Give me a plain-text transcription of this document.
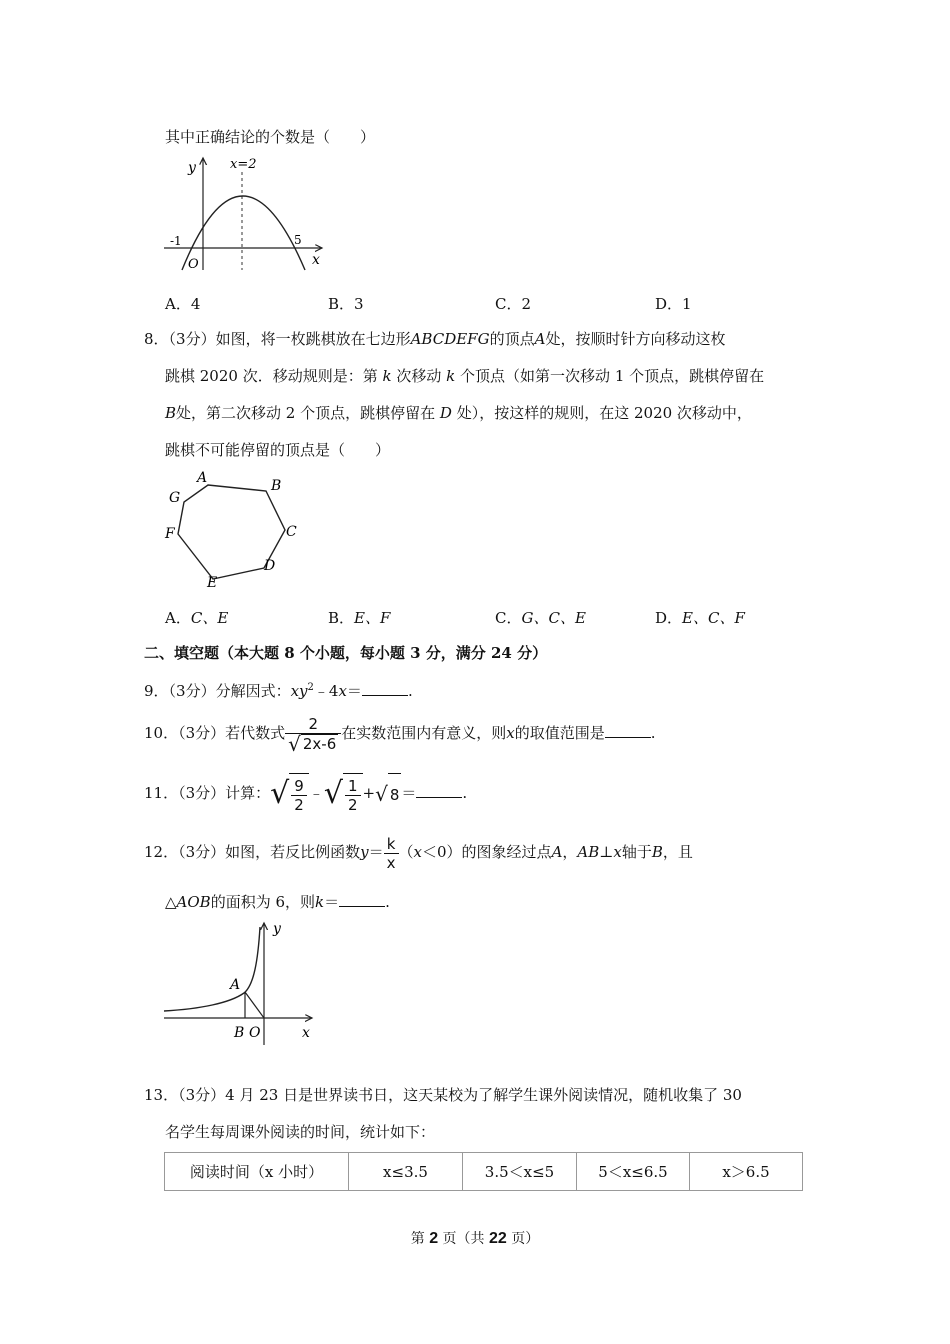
其中正确结论的个数是（　　）
y	x=2
-1	5
O	x
A．4	B．3	C．2	D．1
8．（3分）如图，将一枚跳棋放在七边形ABCDEFG的顶点A处，按顺时针方向移动这枚
跳棋 2020 次．移动规则是：第 k 次移动 k 个顶点（如第一次移动 1 个顶点，跳棋停留在
B处，第二次移动 2 个顶点，跳棋停留在 D 处），按这样的规则，在这 2020 次移动中，
跳棋不可能停留的顶点是（　　）
A	B
C
D
E
F
G
A．C、E	B．E、F	C．G、C、E	D．E、C、F
二、填空题（本大题 8 个小题，每小题 3 分，满分 24 分）
9．（3分）分解因式：$xy^2﹣4x=$	.
10．（3分）若代数式 $\frac{2}{√ 2x-6}$ 在实数范围内有意义，则x的取值范围是	.
11．（3分）计算：√ $\frac{9}{2}$ ﹣√ $\frac{1}{2}$ +√ 8 ＝	.
12．（3分）如图，若反比例函数$y= \frac{k}{x} (x<0)$的图象经过点A，AB⊥x轴于B，且
△AOB的面积为 6，则k＝	.
A
B O
y
x
13．（3分）4 月 23 日是世界读书日，这天某校为了解学生课外阅读情况，随机收集了 30
名学生每周课外阅读的时间，统计如下：
阅读时间（x 小时）	x≤3.5	3.5＜x≤5	5＜x≤6.5	x＞6.5
第 2 页（共 22 页）
